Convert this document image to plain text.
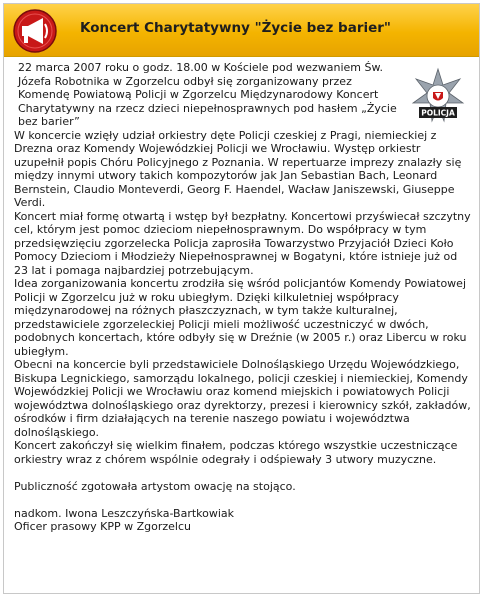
Koncert Charytatywny "Życie bez barier"
POLICJA

22 marca 2007 roku o godz. 18.00 w Kościele pod wezwaniem Św. Józefa Robotnika w Zgorzelcu odbył się zorganizowany przez Komendę Powiatową Policji w Zgorzelcu Międzynarodowy Koncert Charytatywny na rzecz dzieci niepełnosprawnych pod hasłem „Życie bez barier”

W koncercie wzięły udział orkiestry dęte Policji czeskiej z Pragi, niemieckiej z Drezna oraz Komendy Wojewódzkiej Policji we Wrocławiu. Występ orkiestr uzupełnił popis Chóru Policyjnego z Poznania. W repertuarze imprezy znalazły się między innymi utwory takich kompozytorów jak Jan Sebastian Bach, Leonard Bernstein, Claudio Monteverdi, Georg F. Haendel, Wacław Janiszewski, Giuseppe Verdi.

Koncert miał formę otwartą i wstęp był bezpłatny. Koncertowi przyświecał szczytny cel, którym jest pomoc dzieciom niepełnosprawnym. Do współpracy w tym przedsięwzięciu zgorzelecka Policja zaprosiła Towarzystwo Przyjaciół Dzieci Koło Pomocy Dzieciom i Młodzieży Niepełnosprawnej w Bogatyni, które istnieje już od 23 lat i pomaga najbardziej potrzebującym.

Idea zorganizowania koncertu zrodziła się wśród policjantów Komendy Powiatowej Policji w Zgorzelcu już w roku ubiegłym. Dzięki kilkuletniej współpracy międzynarodowej na różnych płaszczyznach, w tym także kulturalnej, przedstawiciele zgorzeleckiej Policji mieli możliwość uczestniczyć w dwóch, podobnych koncertach, które odbyły się w Dreźnie (w 2005 r.) oraz Libercu w roku ubiegłym.

Obecni na koncercie byli przedstawiciele Dolnośląskiego Urzędu Wojewódzkiego, Biskupa Legnickiego, samorządu lokalnego, policji czeskiej i niemieckiej, Komendy Wojewódzkiej Policji we Wrocławiu oraz komend miejskich i powiatowych Policji województwa dolnośląskiego oraz dyrektorzy, prezesi i kierownicy szkół, zakładów, ośrodków i firm działających na terenie naszego powiatu i województwa dolnośląskiego.

Koncert zakończył się wielkim finałem, podczas którego wszystkie uczestniczące orkiestry wraz z chórem wspólnie odegrały i odśpiewały 3 utwory muzyczne.

Publiczność zgotowała artystom owację na stojąco.

nadkom. Iwona Leszczyńska-Bartkowiak

Oficer prasowy KPP w Zgorzelcu
